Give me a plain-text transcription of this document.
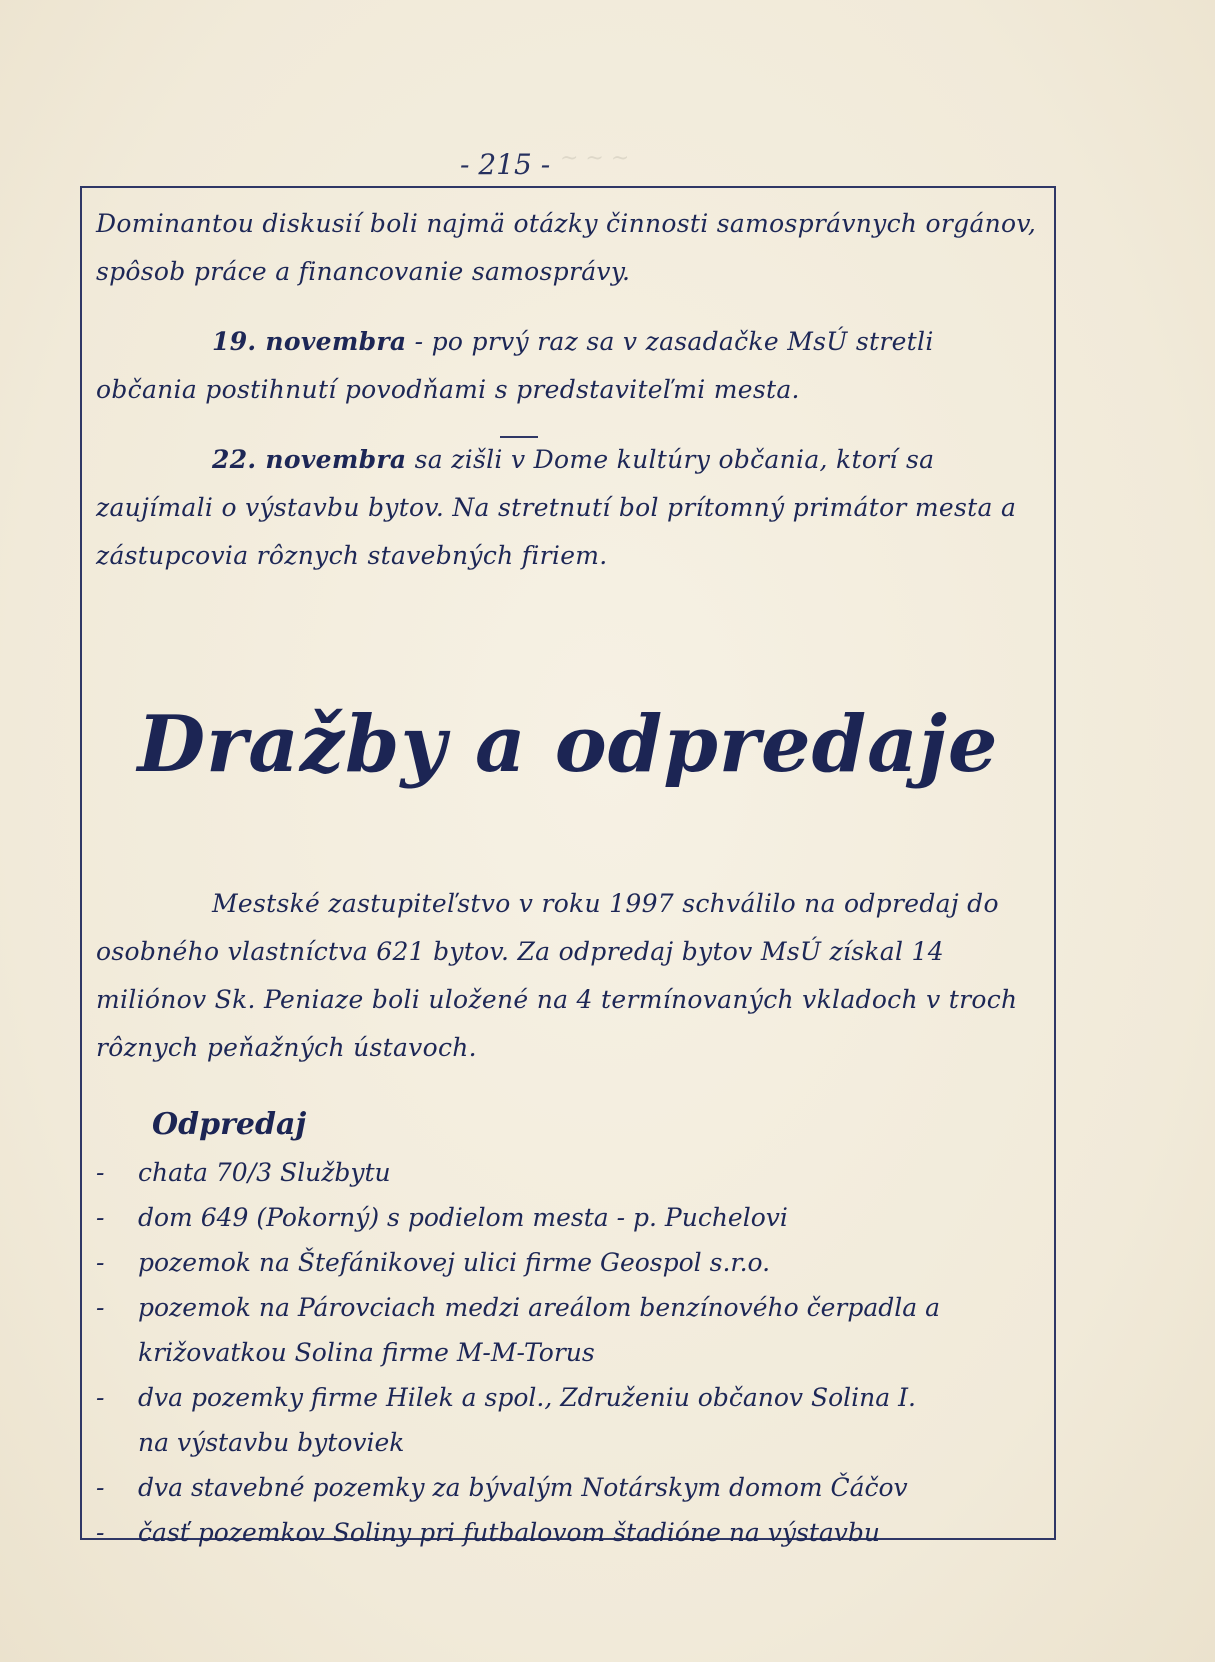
~ ~ ~
- 215 -

Dominantou diskusií boli najmä otázky činnosti samosprávnych orgánov, spôsob práce a financovanie samosprávy.

19. novembra - po prvý raz sa v zasadačke MsÚ stretli občania postihnutí povodňami s predstaviteľmi mesta.

22. novembra sa zišli v Dome kultúry občania, ktorí sa zaujímali o výstavbu bytov. Na stretnutí bol prítomný primátor mesta a zástupcovia rôznych stavebných firiem.

Dražby a odpredaje

Mestské zastupiteľstvo v roku 1997 schválilo na odpredaj do osobného vlastníctva 621 bytov. Za odpredaj bytov MsÚ získal 14 miliónov Sk. Peniaze boli uložené na 4 termínovaných vkladoch v troch rôznych peňažných ústavoch.

Odpredaj
- chata 70/3 Službytu
- dom 649 (Pokorný) s podielom mesta - p. Puchelovi
- pozemok na Štefánikovej ulici firme Geospol s.r.o.
- pozemok na Párovciach medzi areálom benzínového čerpadla a
križovatkou Solina firme M-M-Torus
- dva pozemky firme Hilek a spol., Združeniu občanov Solina I.
na výstavbu bytoviek
- dva stavebné pozemky za bývalým Notárskym domom Čáčov
- časť pozemkov Soliny pri futbalovom štadióne na výstavbu
